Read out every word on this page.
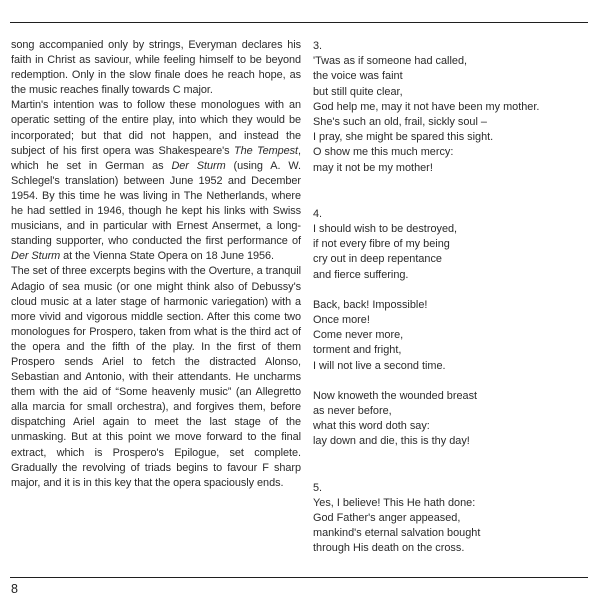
song accompanied only by strings, Everyman declares his faith in Christ as saviour, while feeling himself to be beyond redemption. Only in the slow finale does he reach hope, as the music reaches finally towards C major.

Martin's intention was to follow these monologues with an operatic setting of the entire play, into which they would be incorporated; but that did not happen, and instead the subject of his first opera was Shakespeare's The Tempest, which he set in German as Der Sturm (using A. W. Schlegel's translation) between June 1952 and December 1954. By this time he was living in The Netherlands, where he had settled in 1946, though he kept his links with Swiss musicians, and in particular with Ernest Ansermet, a long-standing supporter, who conducted the first performance of Der Sturm at the Vienna State Opera on 18 June 1956.

The set of three excerpts begins with the Overture, a tranquil Adagio of sea music (or one might think also of Debussy's cloud music at a later stage of harmonic variegation) with a more vivid and vigorous middle section. After this come two monologues for Prospero, taken from what is the third act of the opera and the fifth of the play. In the first of them Prospero sends Ariel to fetch the distracted Alonso, Sebastian and Antonio, with their attendants. He uncharms them with the aid of “Some heavenly music” (an Allegretto alla marcia for small orchestra), and forgives them, before dispatching Ariel again to meet the last stage of the unmasking. But at this point we move forward to the final extract, which is Prospero's Epilogue, set complete. Gradually the revolving of triads begins to favour F sharp major, and it is in this key that the opera spaciously ends.

3.
'Twas as if someone had called,
the voice was faint
but still quite clear,
God help me, may it not have been my mother.
She's such an old, frail, sickly soul –
I pray, she might be spared this sight.
O show me this much mercy:
may it not be my mother!
4.
I should wish to be destroyed,
if not every fibre of my being
cry out in deep repentance
and fierce suffering.
Back, back! Impossible!
Once more!
Come never more,
torment and fright,
I will not live a second time.
Now knoweth the wounded breast
as never before,
what this word doth say:
lay down and die, this is thy day!
5.
Yes, I believe! This He hath done:
God Father's anger appeased,
mankind's eternal salvation bought
through His death on the cross.
8
